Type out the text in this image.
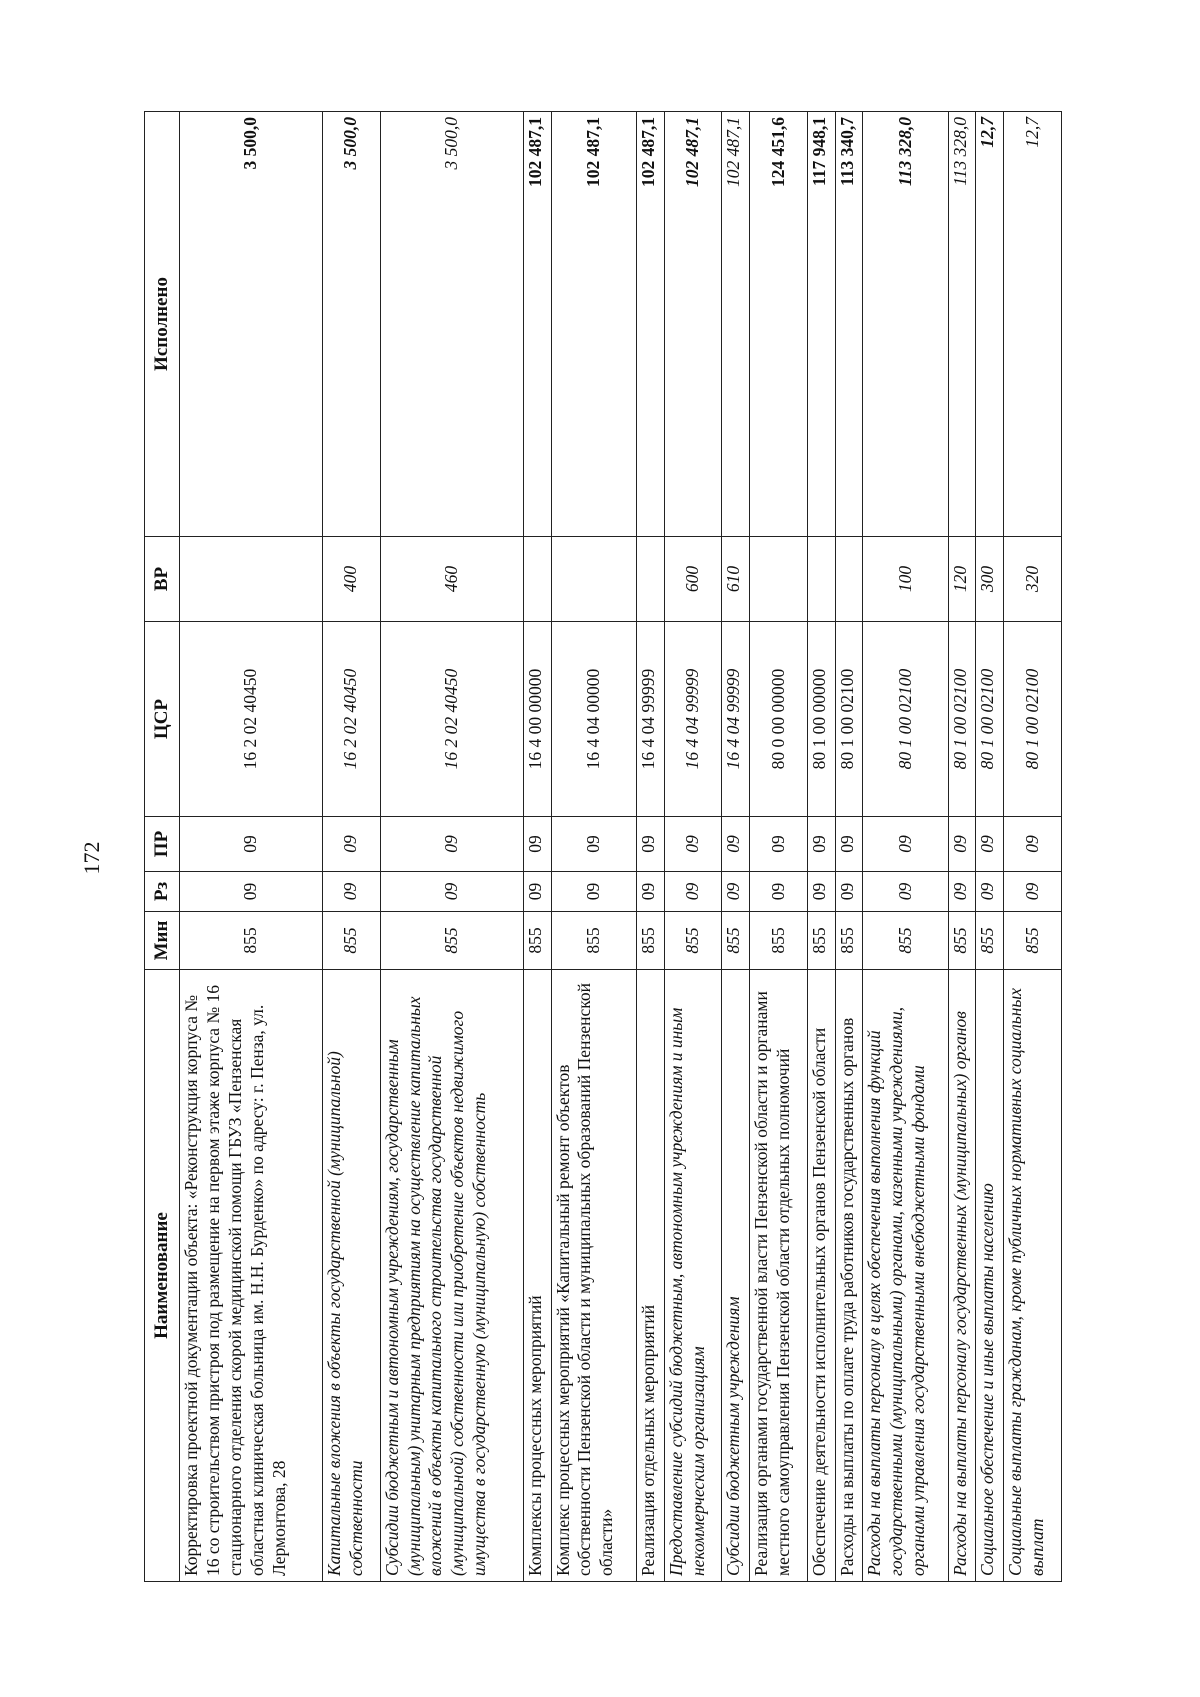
172
Наименование	Мин	Рз	ПР	ЦСР	ВР	Исполнено
Корректировка проектной документации объекта: «Реконструкция корпуса № 16 со строительством пристроя под размещение на первом этаже корпуса № 16 стационарного отделения скорой медицинской помощи ГБУЗ «Пензенская областная клиническая больница им. Н.Н. Бурденко» по адресу: г. Пенза, ул. Лермонтова, 28	855	09	09	16 2 02 40450		3 500,0
Капитальные вложения в объекты государственной (муниципальной) собственности	855	09	09	16 2 02 40450	400	3 500,0
Субсидии бюджетным и автономным учреждениям, государственным (муниципальным) унитарным предприятиям на осуществление капитальных вложений в объекты капитального строительства государственной (муниципальной) собственности или приобретение объектов недвижимого имущества в государственную (муниципальную) собственность	855	09	09	16 2 02 40450	460	3 500,0
Комплексы процессных мероприятий	855	09	09	16 4 00 00000		102 487,1
Комплекс процессных мероприятий «Капитальный ремонт объектов собственности Пензенской области и муниципальных образований Пензенской области»	855	09	09	16 4 04 00000		102 487,1
Реализация отдельных мероприятий	855	09	09	16 4 04 99999		102 487,1
Предоставление субсидий бюджетным, автономным учреждениям и иным некоммерческим организациям	855	09	09	16 4 04 99999	600	102 487,1
Субсидии бюджетным учреждениям	855	09	09	16 4 04 99999	610	102 487,1
Реализация органами государственной власти Пензенской области и органами местного самоуправления Пензенской области отдельных полномочий	855	09	09	80 0 00 00000		124 451,6
Обеспечение деятельности исполнительных органов Пензенской области	855	09	09	80 1 00 00000		117 948,1
Расходы на выплаты по оплате труда работников государственных органов	855	09	09	80 1 00 02100		113 340,7
Расходы на выплаты персоналу в целях обеспечения выполнения функций государственными (муниципальными) органами, казенными учреждениями, органами управления государственными внебюджетными фондами	855	09	09	80 1 00 02100	100	113 328,0
Расходы на выплаты персоналу государственных (муниципальных) органов	855	09	09	80 1 00 02100	120	113 328,0
Социальное обеспечение и иные выплаты населению	855	09	09	80 1 00 02100	300	12,7
Социальные выплаты гражданам, кроме публичных нормативных социальных выплат	855	09	09	80 1 00 02100	320	12,7
